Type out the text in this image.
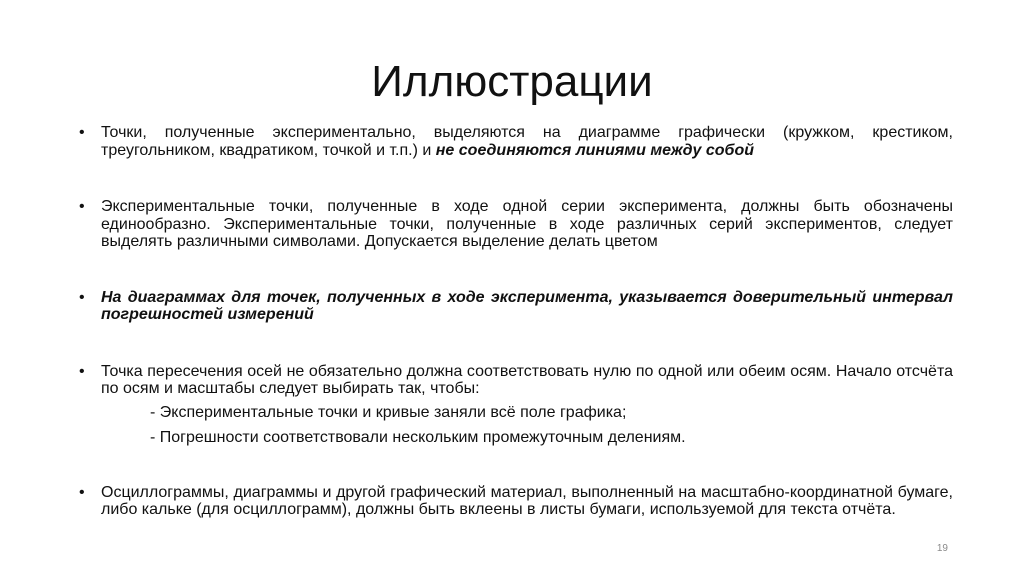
Иллюстрации

• Точки, полученные экспериментально, выделяются на диаграмме графически (кружком, крестиком, треугольником, квадратиком, точкой и т.п.) и не соединяются линиями между собой

• Экспериментальные точки, полученные в ходе одной серии эксперимента, должны быть обозначены единообразно. Экспериментальные точки, полученные в ходе различных серий экспериментов, следует выделять различными символами. Допускается выделение делать цветом

• На диаграммах для точек, полученных в ходе эксперимента, указывается доверительный интервал погрешностей измерений

• Точка пересечения осей не обязательно должна соответствовать нулю по одной или обеим осям. Начало отсчёта по осям и масштабы следует выбирать так, чтобы:

- Экспериментальные точки и кривые заняли всё поле графика;

- Погрешности соответствовали нескольким промежуточным делениям.

• Осциллограммы, диаграммы и другой графический материал, выполненный на масштабно-координатной бумаге, либо кальке (для осциллограмм), должны быть вклеены в листы бумаги, используемой для текста отчёта.

19
